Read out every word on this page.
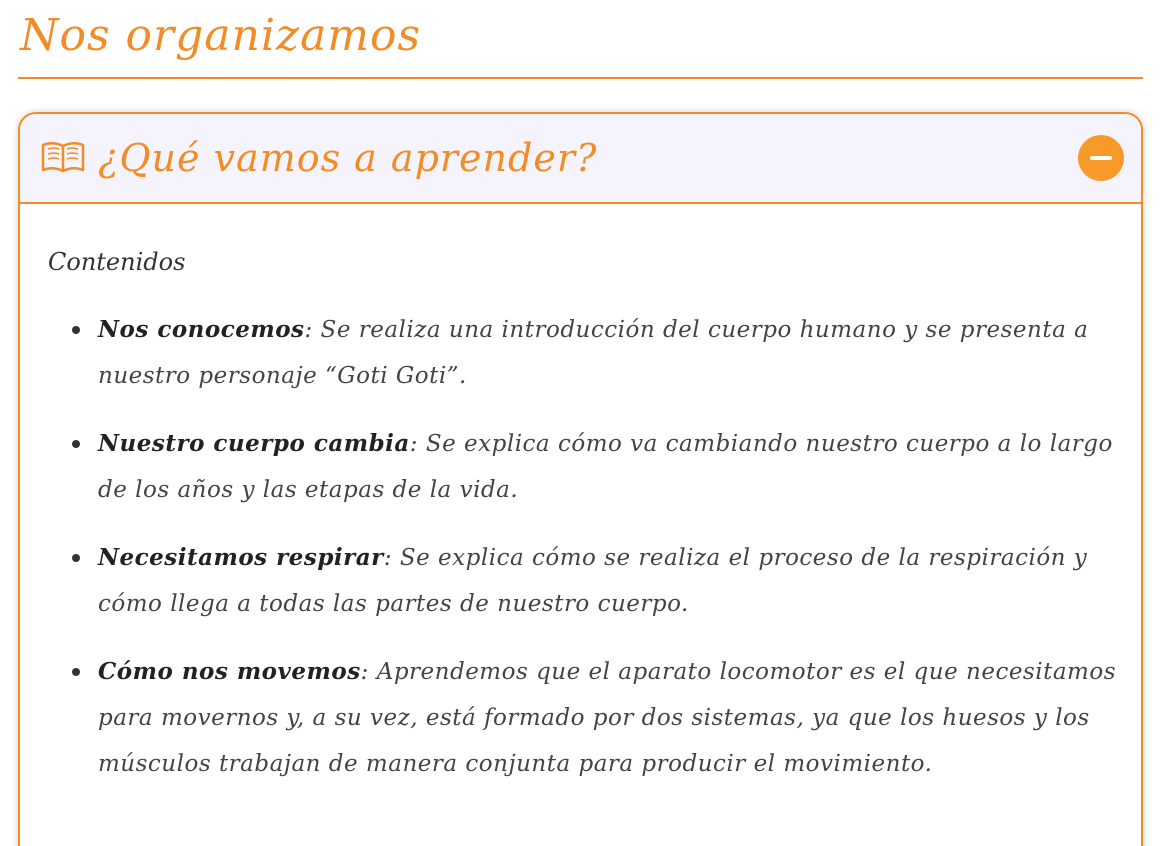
Nos organizamos
¿Qué vamos a aprender?
Contenidos
Nos conocemos: Se realiza una introducción del cuerpo humano y se presenta a nuestro personaje “Goti Goti”.
Nuestro cuerpo cambia: Se explica cómo va cambiando nuestro cuerpo a lo largo de los años y las etapas de la vida.
Necesitamos respirar: Se explica cómo se realiza el proceso de la respiración y cómo llega a todas las partes de nuestro cuerpo.
Cómo nos movemos: Aprendemos que el aparato locomotor es el que necesitamos para movernos y, a su vez, está formado por dos sistemas, ya que los huesos y los músculos trabajan de manera conjunta para producir el movimiento.
